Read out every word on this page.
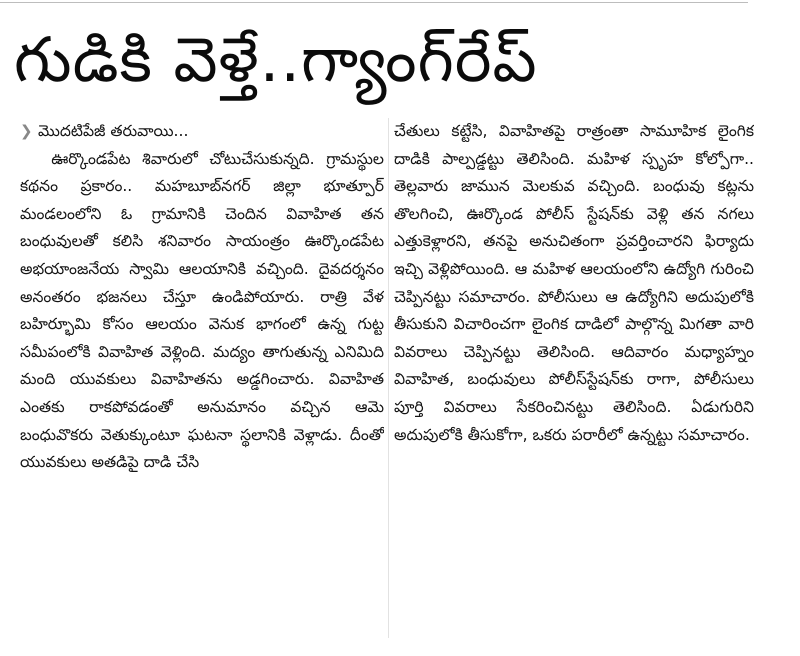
గుడికి వెళ్తే..గ్యాంగ్‌రేప్
❯ మొదటిపేజీ తరువాయి...

ఊర్కొండపేట శివారులో చోటుచేసుకున్నది. గ్రామస్థుల కథనం ప్రకారం.. మహబూబ్‌నగర్ జిల్లా భూత్పూర్ మండలంలోని ఓ గ్రామానికి చెందిన వివాహిత తన బంధువులతో కలిసి శనివారం సాయంత్రం ఊర్కొండపేట అభయాంజనేయ స్వామి ఆలయానికి వచ్చింది. దైవదర్శనం అనంతరం భజనలు చేస్తూ ఉండిపోయారు. రాత్రి వేళ బహిర్భూమి కోసం ఆలయం వెనుక భాగంలో ఉన్న గుట్ట సమీపంలోకి వివాహిత వెళ్లింది. మద్యం తాగుతున్న ఎనిమిది మంది యువకులు వివాహితను అడ్డగించారు. వివాహిత ఎంతకు రాకపోవడంతో అనుమానం వచ్చిన ఆమె బంధువొకరు వెతుక్కుంటూ ఘటనా స్థలానికి వెళ్లాడు. దీంతో యువకులు అతడిపై దాడి చేసి

చేతులు కట్టేసి, వివాహితపై రాత్రంతా సామూహిక లైంగిక దాడికి పాల్పడ్డట్టు తెలిసింది. మహిళ స్పృహ కోల్పోగా.. తెల్లవారు జామున మెలకువ వచ్చింది. బంధువు కట్లను తొలగించి, ఊర్కొండ పోలీస్ స్టేషన్‌కు వెళ్లి తన నగలు ఎత్తుకెళ్లారని, తనపై అనుచితంగా ప్రవర్తించారని ఫిర్యాదు ఇచ్చి వెళ్లిపోయింది. ఆ మహిళ ఆలయంలోని ఉద్యోగి గురించి చెప్పినట్టు సమాచారం. పోలీసులు ఆ ఉద్యోగిని అదుపులోకి తీసుకుని విచారించగా లైంగిక దాడిలో పాల్గొన్న మిగతా వారి వివరాలు చెప్పినట్టు తెలిసింది. ఆదివారం మధ్యాహ్నం వివాహిత, బంధువులు పోలీస్‌స్టేషన్‌కు రాగా, పోలీసులు పూర్తి వివరాలు సేకరించినట్టు తెలిసింది. ఏడుగురిని అదుపులోకి తీసుకోగా, ఒకరు పరారీలో ఉన్నట్టు సమాచారం.
